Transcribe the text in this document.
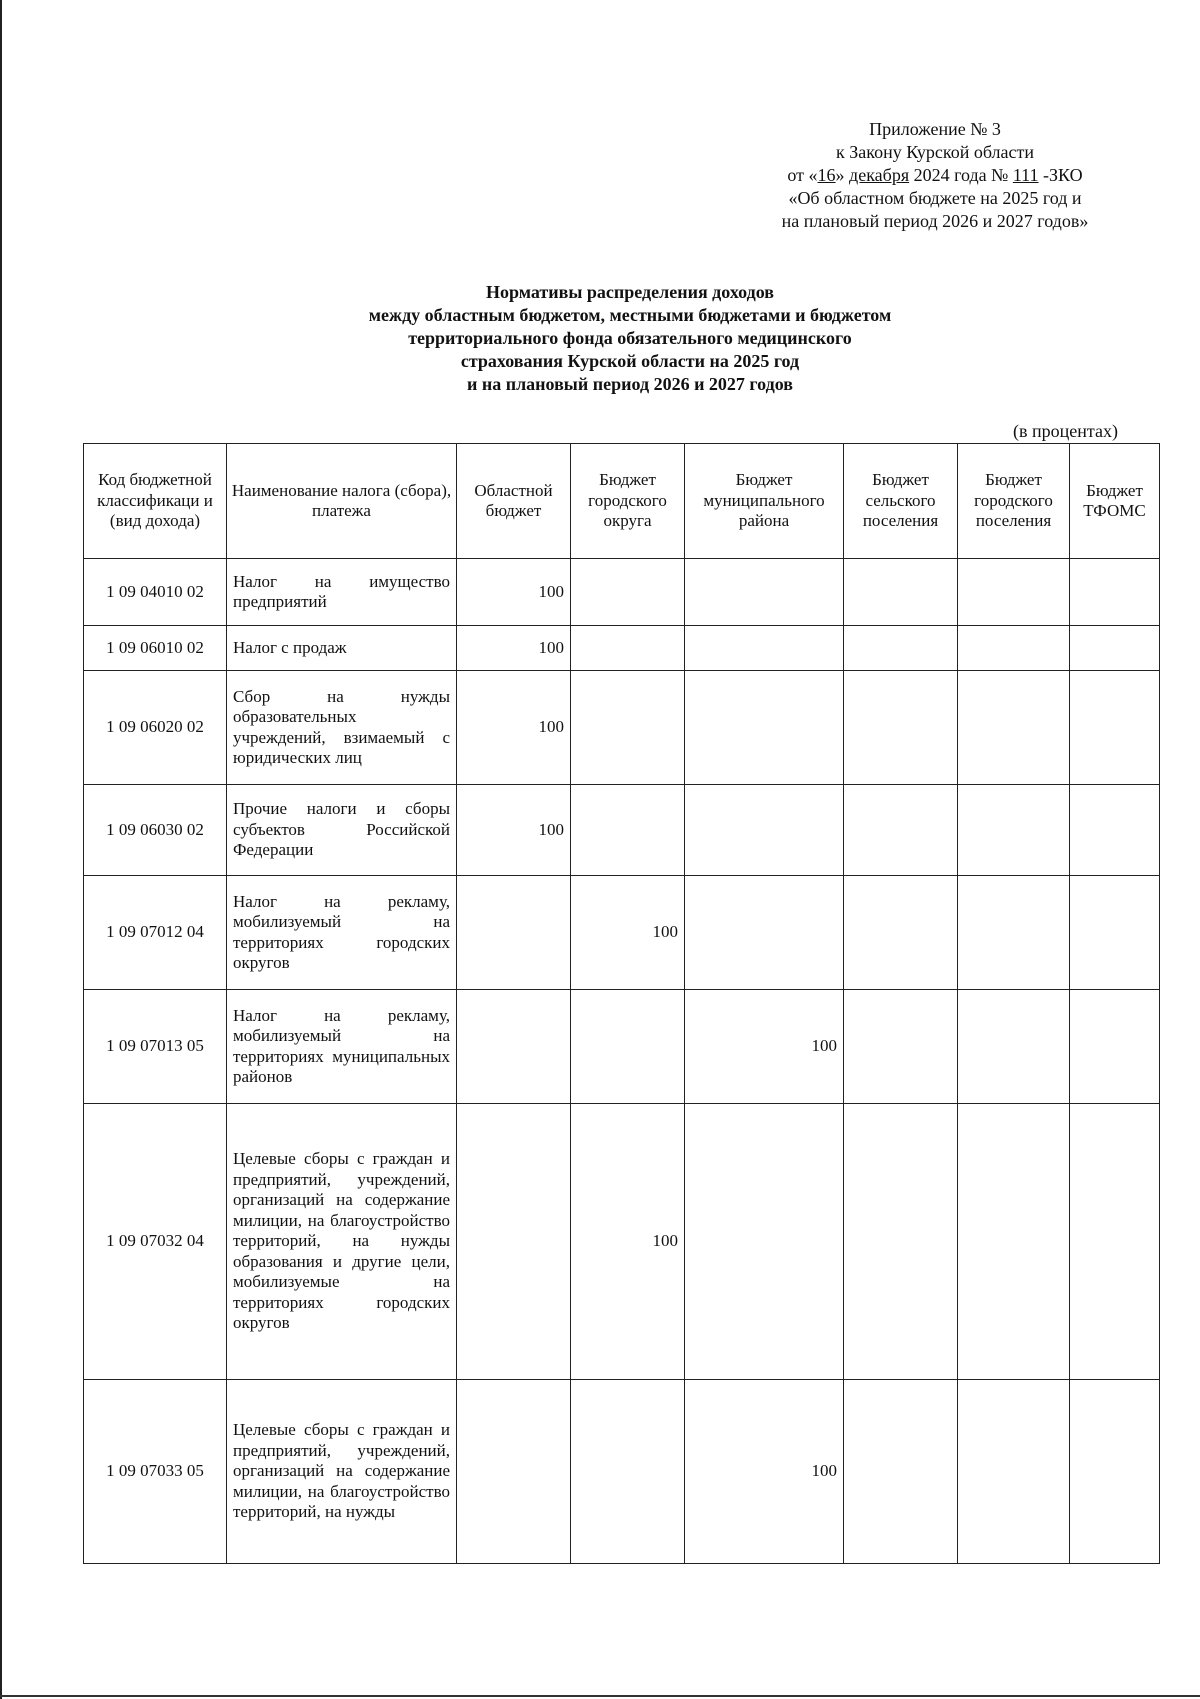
Приложение № 3
к Закону Курской области
от «16» декабря 2024 года № 111 -ЗКО
«Об областном бюджете на 2025 год и
на плановый период 2026 и 2027 годов»
Нормативы распределения доходов
между областным бюджетом, местными бюджетами и бюджетом
территориального фонда обязательного медицинского
страхования Курской области на 2025 год
и на плановый период 2026 и 2027 годов
(в процентах)
Код бюджетной классификаци и (вид дохода)	Наименование налога (сбора), платежа	Областной бюджет	Бюджет городского округа	Бюджет муниципального района	Бюджет сельского поселения	Бюджет городского поселения	Бюджет ТФОМС
1 09 04010 02	Налог на имущество предприятий	100					
1 09 06010 02	Налог с продаж	100					
1 09 06020 02	Сбор на нужды образовательных учреждений, взимаемый с юридических лиц	100					
1 09 06030 02	Прочие налоги и сборы субъектов Российской Федерации	100					
1 09 07012 04	Налог на рекламу, мобилизуемый на территориях городских округов		100				
1 09 07013 05	Налог на рекламу, мобилизуемый на территориях муниципальных районов			100			
1 09 07032 04	Целевые сборы с граждан и предприятий, учреждений, организаций на содержание милиции, на благоустройство территорий, на нужды образования и другие цели, мобилизуемые на территориях городских округов		100				
1 09 07033 05	Целевые сборы с граждан и предприятий, учреждений, организаций на содержание милиции, на благоустройство территорий, на нужды			100			
